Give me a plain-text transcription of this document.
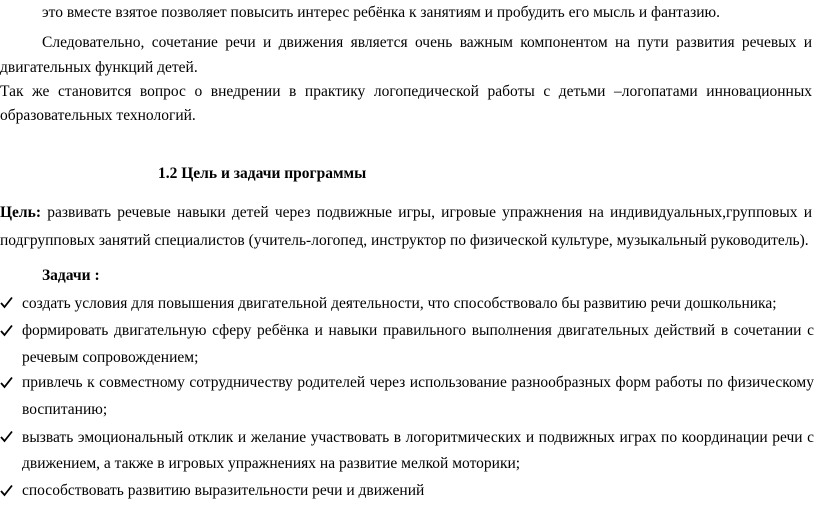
это вместе взятое позволяет повысить интерес ребёнка к занятиям и пробудить его мысль и фантазию.
Следовательно, сочетание речи и движения является очень важным компонентом на пути развития речевых и
двигательных функций детей.
Так же становится вопрос о внедрении в практику логопедической работы с детьми –логопатами инновационных
образовательных технологий.
1.2 Цель и задачи программы
Цель: развивать речевые навыки детей через подвижные игры, игровые упражнения на индивидуальных,групповых и
подгрупповых занятий специалистов (учитель-логопед, инструктор по физической культуре, музыкальный руководитель).
Задачи :
создать условия для повышения двигательной деятельности, что способствовало бы развитию речи дошкольника;
формировать двигательную сферу ребёнка и навыки правильного выполнения двигательных действий в сочетании с
речевым сопровождением;
привлечь к совместному сотрудничеству родителей через использование разнообразных форм работы по физическому
воспитанию;
вызвать эмоциональный отклик и желание участвовать в логоритмических и подвижных играх по координации речи с
движением, а также в игровых упражнениях на развитие мелкой моторики;
способствовать развитию выразительности речи и движений
